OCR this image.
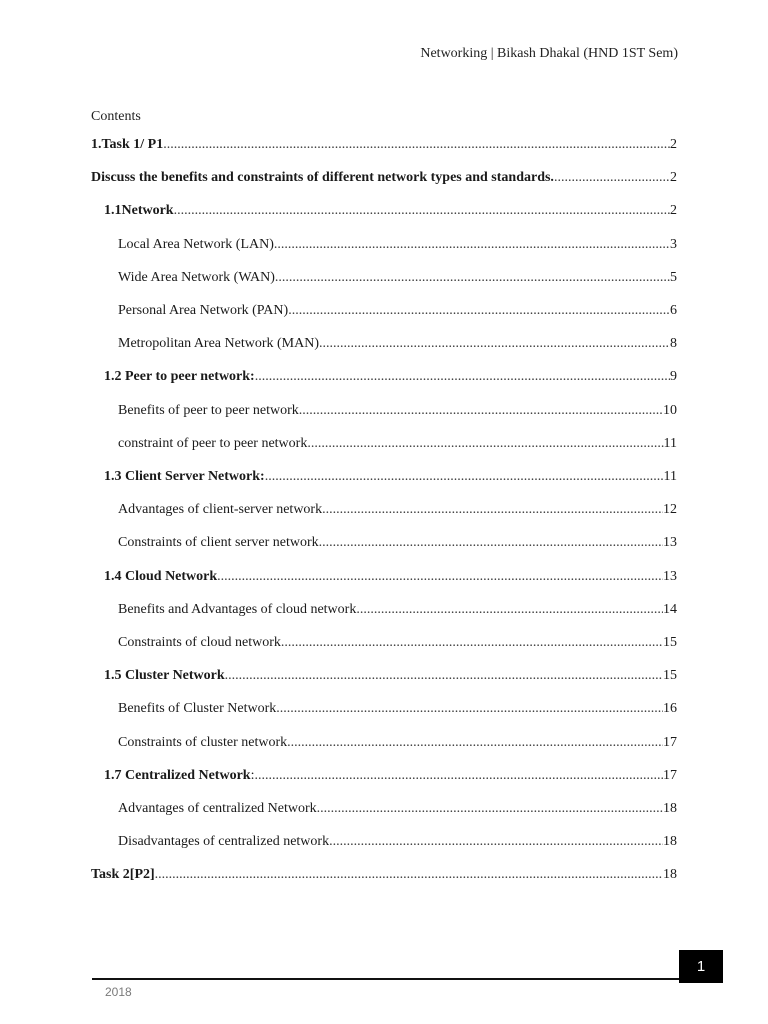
Networking | Bikash Dhakal (HND 1ST Sem)
Contents
1.Task 1/ P1 .....	2
Discuss the benefits and constraints of different network types and standards. .....	2
1.1Network .....	2
Local Area Network (LAN) .....	3
Wide Area Network (WAN) .....	5
Personal Area Network (PAN) .....	6
Metropolitan Area Network (MAN) .....	8
1.2 Peer to peer network: .....	9
Benefits of peer to peer network .....	10
constraint of peer to peer network .....	11
1.3 Client Server Network: .....	11
Advantages of client-server network .....	12
Constraints of client server network .....	13
1.4 Cloud Network .....	13
Benefits and Advantages of cloud network .....	14
Constraints of cloud network .....	15
1.5 Cluster Network .....	15
Benefits of Cluster Network .....	16
Constraints of cluster network .....	17
1.7 Centralized Network : .....	17
Advantages of centralized Network .....	18
Disadvantages of centralized network .....	18
Task 2[P2] .....	18
1
2018
